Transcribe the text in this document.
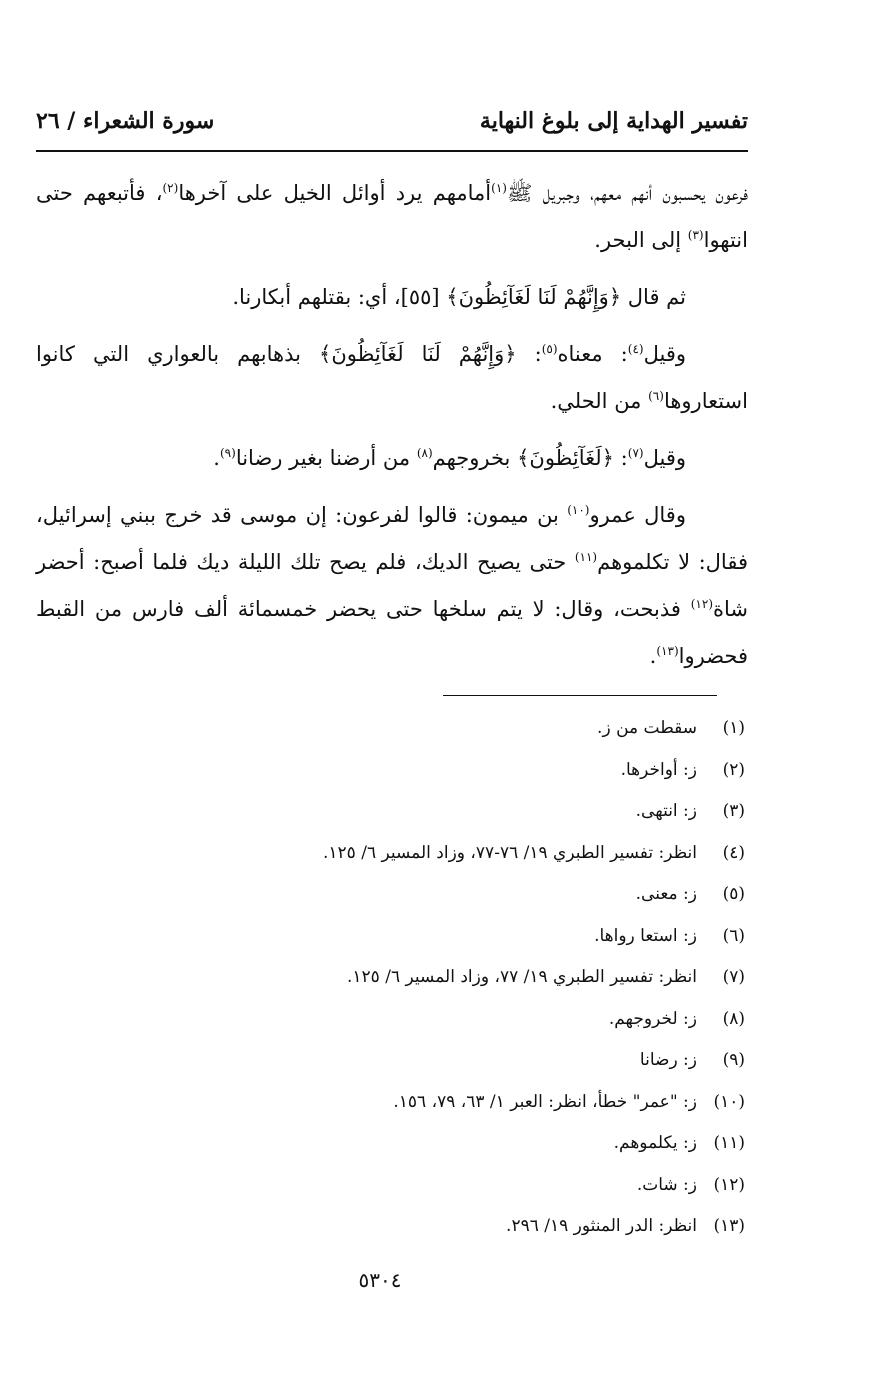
تفسير الهداية إلى بلوغ النهاية
سورة الشعراء / ٢٦

فرعون يحسبون أنهم معهم، وجبريل ﷺ$^{(١)}$أمامهم يرد أوائل الخيل على آخرها$^{(٢)}$، فأتبعهم حتى انتهوا$^{(٣)}$ إلى البحر.

ثم قال ﴿وَإِنَّهُمْ لَنَا لَغَآئِظُونَ﴾ [٥٥]، أي: بقتلهم أبكارنا.

وقيل$^{(٤)}$: معناه$^{(٥)}$: ﴿وَإِنَّهُمْ لَنَا لَغَآئِظُونَ﴾ بذهابهم بالعواري التي كانوا استعاروها$^{(٦)}$ من الحلي.

وقيل$^{(٧)}$: ﴿لَغَآئِظُونَ﴾ بخروجهم$^{(٨)}$ من أرضنا بغير رضانا$^{(٩)}$.

وقال عمرو$^{(١٠)}$ بن ميمون: قالوا لفرعون: إن موسى قد خرج ببني إسرائيل، فقال: لا تكلموهم$^{(١١)}$ حتى يصيح الديك، فلم يصح تلك الليلة ديك فلما أصبح: أحضر شاة$^{(١٢)}$ فذبحت، وقال: لا يتم سلخها حتى يحضر خمسمائة ألف فارس من القبط فحضروا$^{(١٣)}$.

(١)
سقطت من ز.
(٢)
ز: أواخرها.
(٣)
ز: انتهى.
(٤)
انظر: تفسير الطبري ١٩/ ٧٦-٧٧، وزاد المسير ٦/ ١٢٥.
(٥)
ز: معنى.
(٦)
ز: استعا رواها.
(٧)
انظر: تفسير الطبري ١٩/ ٧٧، وزاد المسير ٦/ ١٢٥.
(٨)
ز: لخروجهم.
(٩)
ز: رضانا
(١٠)
ز: "عمر" خطأ، انظر: العبر ١/ ٦٣، ٧٩، ١٥٦.
(١١)
ز: يكلموهم.
(١٢)
ز: شات.
(١٣)
انظر: الدر المنثور ١٩/ ٢٩٦.
٥٣٠٤
